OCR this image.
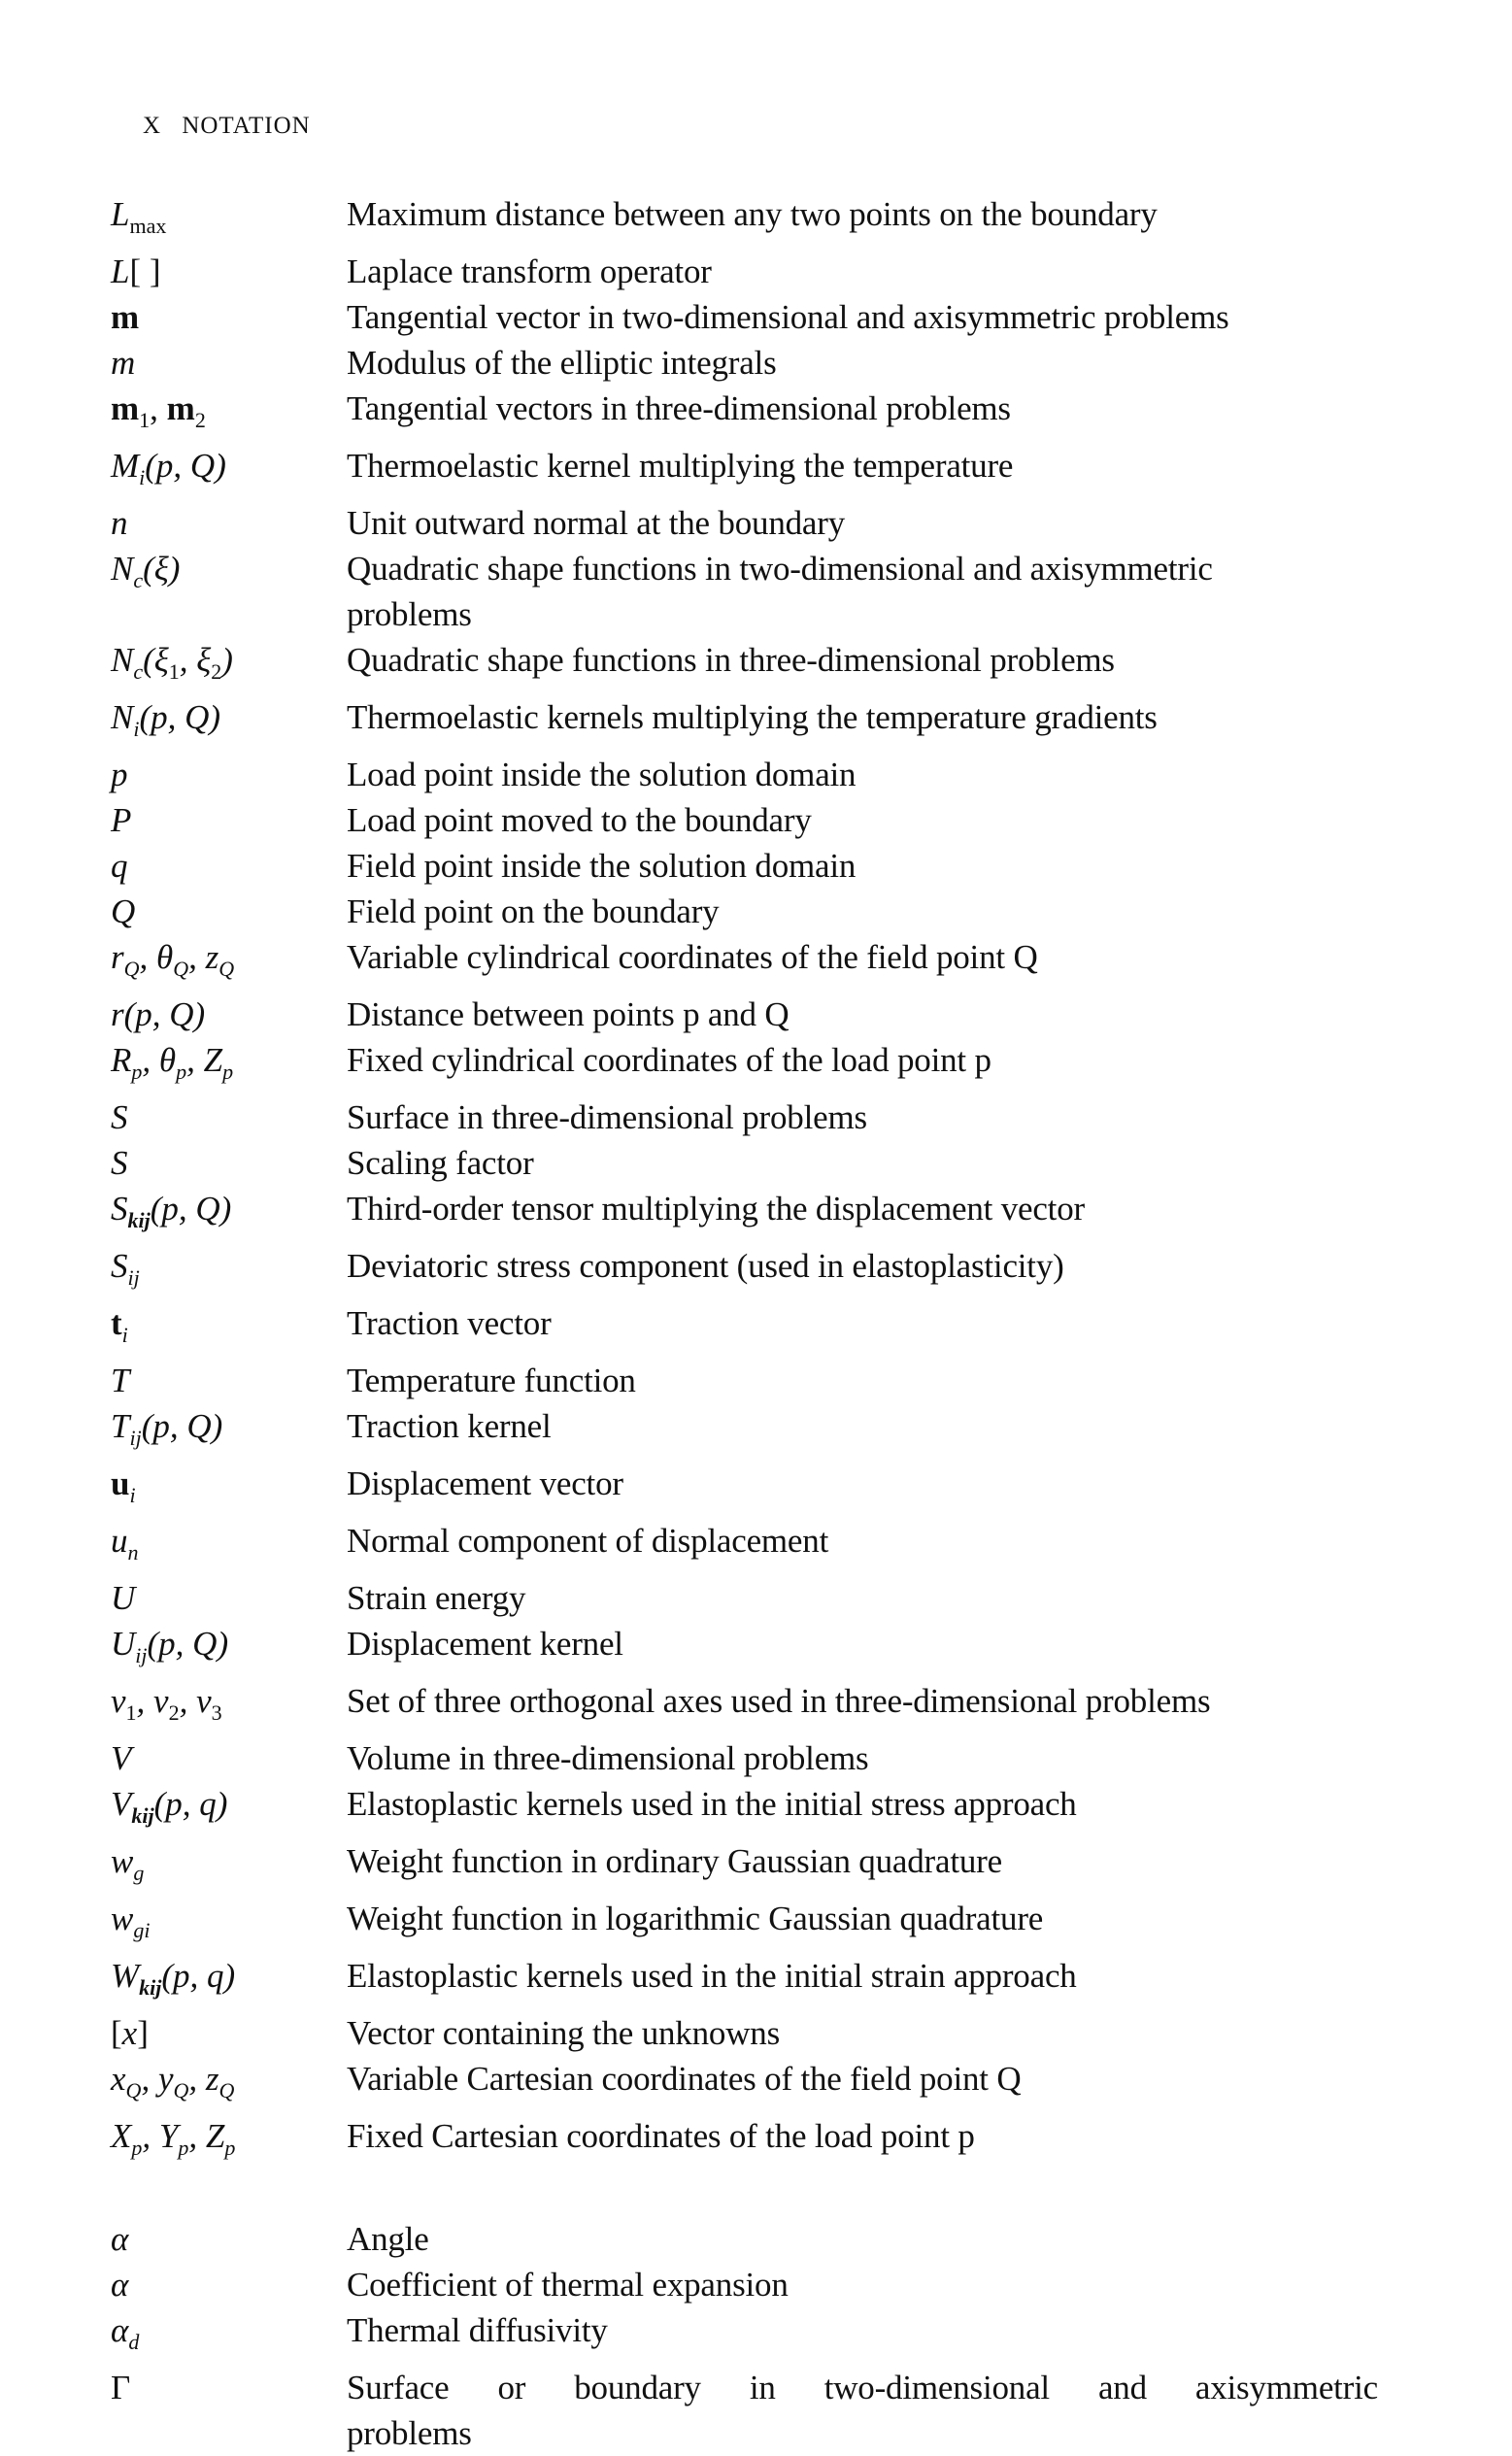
X NOTATION
$L_{max}$	Maximum distance between any two points on the boundary
L[ ]	Laplace transform operator
m	Tangential vector in two-dimensional and axisymmetric problems
m	Modulus of the elliptic integrals
$m_1$, $m_2$	Tangential vectors in three-dimensional problems
$M_i(p$, Q)	Thermoelastic kernel multiplying the temperature
n	Unit outward normal at the boundary
$N_c(\xi)$	Quadratic shape functions in two-dimensional and axisymmetric
problems
$N_c(\xi_1$, $\xi_2$)	Quadratic shape functions in three-dimensional problems
$N_i(p$, Q)	Thermoelastic kernels multiplying the temperature gradients
p	Load point inside the solution domain
P	Load point moved to the boundary
q	Field point inside the solution domain
Q	Field point on the boundary
$r_Q$, $\theta_Q$, $z_Q$	Variable cylindrical coordinates of the field point Q
r(p, Q)	Distance between points p and Q
$R_p$, $\theta_p$, $Z_p$	Fixed cylindrical coordinates of the load point p
S	Surface in three-dimensional problems
S	Scaling factor
$S_{kij}(p$, Q)	Third-order tensor multiplying the displacement vector
$S_{ij}$	Deviatoric stress component (used in elastoplasticity)
$t_i$	Traction vector
T	Temperature function
$T_{ij}(p$, Q)	Traction kernel
$u_i$	Displacement vector
$u_n$	Normal component of displacement
U	Strain energy
$U_{ij}(p$, Q)	Displacement kernel
$v_1$, $v_2$, $v_3$	Set of three orthogonal axes used in three-dimensional problems
V	Volume in three-dimensional problems
$V_{kij}(p$, q)	Elastoplastic kernels used in the initial stress approach
$w_g$	Weight function in ordinary Gaussian quadrature
$w_{gi}$	Weight function in logarithmic Gaussian quadrature
$W_{kij}(p$, q)	Elastoplastic kernels used in the initial strain approach
[x]	Vector containing the unknowns
$x_Q$, $y_Q$, $z_Q$	Variable Cartesian coordinates of the field point Q
$X_p$, $Y_p$, $Z_p$	Fixed Cartesian coordinates of the load point p
α	Angle
α	Coefficient of thermal expansion
$\alpha_d$	Thermal diffusivity
Γ	Surface or boundary in two-dimensional and axisymmetric
problems
